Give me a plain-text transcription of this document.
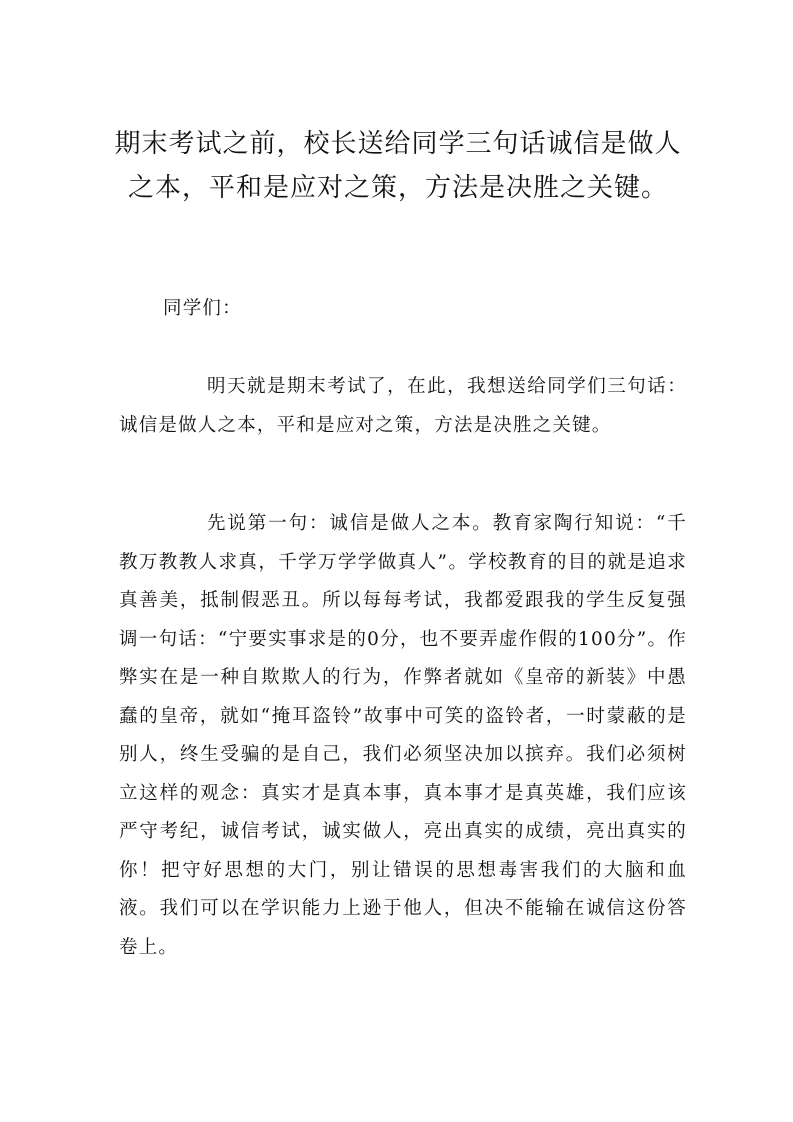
期末考试之前，校长送给同学三句话诚信是做人之本，平和是应对之策，方法是决胜之关键。
同学们：
明天就是期末考试了，在此，我想送给同学们三句话：诚信是做人之本，平和是应对之策，方法是决胜之关键。
先说第一句：诚信是做人之本。教育家陶行知说：“千教万教教人求真，千学万学学做真人”。学校教育的目的就是追求真善美，抵制假恶丑。所以每每考试，我都爱跟我的学生反复强调一句话：“宁要实事求是的0分，也不要弄虚作假的100分”。作弊实在是一种自欺欺人的行为，作弊者就如《皇帝的新装》中愚蠢的皇帝，就如“掩耳盗铃”故事中可笑的盗铃者，一时蒙蔽的是别人，终生受骗的是自己，我们必须坚决加以摈弃。我们必须树立这样的观念：真实才是真本事，真本事才是真英雄，我们应该严守考纪，诚信考试，诚实做人，亮出真实的成绩，亮出真实的你！把守好思想的大门，别让错误的思想毒害我们的大脑和血液。我们可以在学识能力上逊于他人，但决不能输在诚信这份答卷上。
